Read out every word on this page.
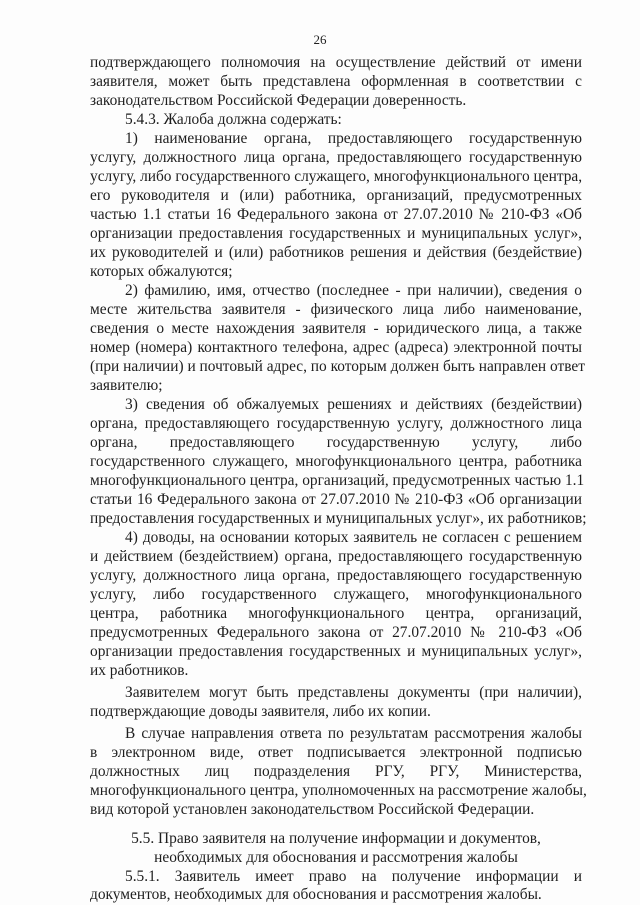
26
подтверждающего полномочия на осуществление действий от имени
заявителя, может быть представлена оформленная в соответствии с
законодательством Российской Федерации доверенность.
5.4.3. Жалоба должна содержать:
1) наименование органа, предоставляющего государственную
услугу, должностного лица органа, предоставляющего государственную
услугу, либо государственного служащего, многофункционального центра,
его руководителя и (или) работника, организаций, предусмотренных
частью 1.1 статьи 16 Федерального закона от 27.07.2010 № 210-ФЗ «Об
организации предоставления государственных и муниципальных услуг»,
их руководителей и (или) работников решения и действия (бездействие)
которых обжалуются;
2) фамилию, имя, отчество (последнее - при наличии), сведения о
месте жительства заявителя - физического лица либо наименование,
сведения о месте нахождения заявителя - юридического лица, а также
номер (номера) контактного телефона, адрес (адреса) электронной почты
(при наличии) и почтовый адрес, по которым должен быть направлен ответ
заявителю;
3) сведения об обжалуемых решениях и действиях (бездействии)
органа, предоставляющего государственную услугу, должностного лица
органа, предоставляющего государственную услугу, либо
государственного служащего, многофункционального центра, работника
многофункционального центра, организаций, предусмотренных частью 1.1
статьи 16 Федерального закона от 27.07.2010 № 210-ФЗ «Об организации
предоставления государственных и муниципальных услуг», их работников;
4) доводы, на основании которых заявитель не согласен с решением
и действием (бездействием) органа, предоставляющего государственную
услугу, должностного лица органа, предоставляющего государственную
услугу, либо государственного служащего, многофункционального
центра, работника многофункционального центра, организаций,
предусмотренных Федерального закона от 27.07.2010 № 210-ФЗ «Об
организации предоставления государственных и муниципальных услуг»,
их работников.
Заявителем могут быть представлены документы (при наличии),
подтверждающие доводы заявителя, либо их копии.
В случае направления ответа по результатам рассмотрения жалобы
в электронном виде, ответ подписывается электронной подписью
должностных лиц подразделения РГУ, РГУ, Министерства,
многофункционального центра, уполномоченных на рассмотрение жалобы,
вид которой установлен законодательством Российской Федерации.
5.5. Право заявителя на получение информации и документов,
необходимых для обоснования и рассмотрения жалобы
5.5.1. Заявитель имеет право на получение информации и
документов, необходимых для обоснования и рассмотрения жалобы.
